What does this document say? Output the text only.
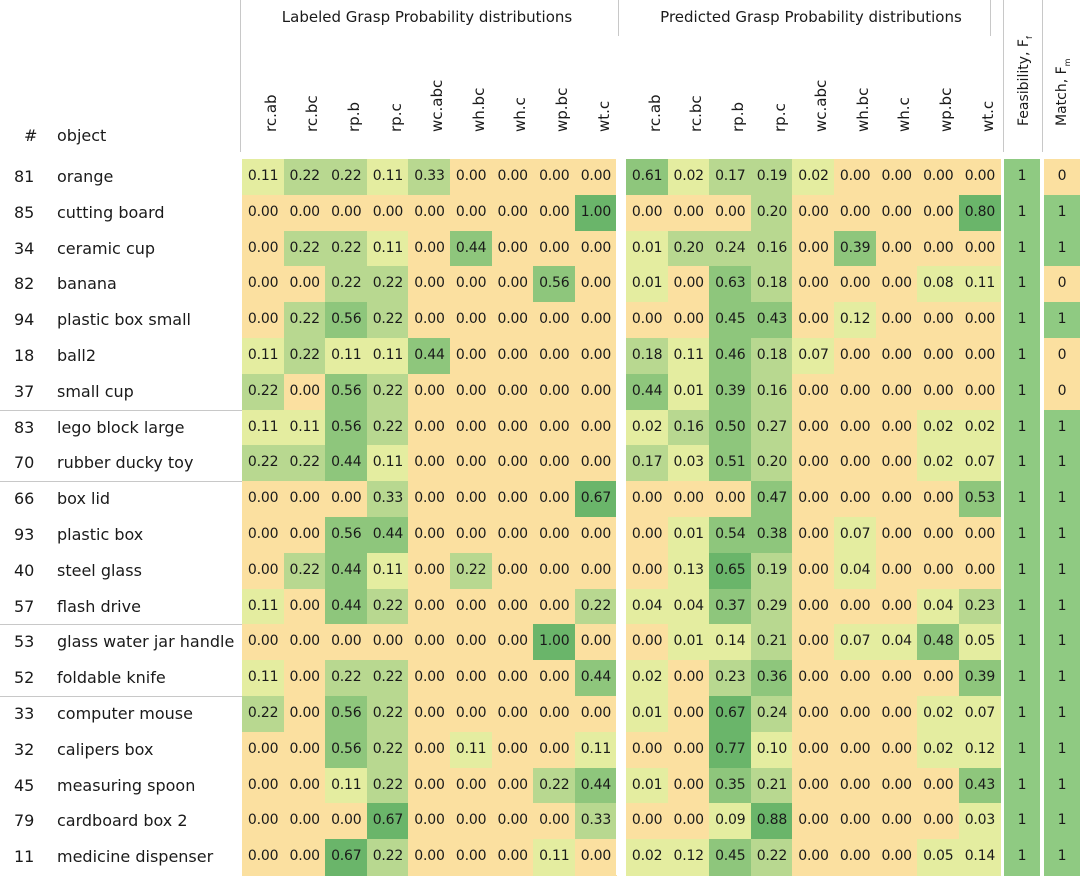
Labeled Grasp Probability distributions	Predicted Grasp Probability distributions
# object
Feasibility, $F_f$
Match, $F_m$
81 orange	0.11 0.22 0.22 0.11 0.33 0.00 0.00 0.00 0.00	0.61 0.02 0.17 0.19 0.02 0.00 0.00 0.00 0.00	1	0
85 cutting board	0.00 0.00 0.00 0.00 0.00 0.00 0.00 0.00 1.00	0.00 0.00 0.00 0.20 0.00 0.00 0.00 0.00 0.80	1	1
34 ceramic cup	0.00 0.22 0.22 0.11 0.00 0.44 0.00 0.00 0.00	0.01 0.20 0.24 0.16 0.00 0.39 0.00 0.00 0.00	1	1
82 banana	0.00 0.00 0.22 0.22 0.00 0.00 0.00 0.56 0.00	0.01 0.00 0.63 0.18 0.00 0.00 0.00 0.08 0.11	1	0
94 plastic box small	0.00 0.22 0.56 0.22 0.00 0.00 0.00 0.00 0.00	0.00 0.00 0.45 0.43 0.00 0.12 0.00 0.00 0.00	1	1
18 ball2	0.11 0.22 0.11 0.11 0.44 0.00 0.00 0.00 0.00	0.18 0.11 0.46 0.18 0.07 0.00 0.00 0.00 0.00	1	0
37 small cup	0.22 0.00 0.56 0.22 0.00 0.00 0.00 0.00 0.00	0.44 0.01 0.39 0.16 0.00 0.00 0.00 0.00 0.00	1	0
83 lego block large	0.11 0.11 0.56 0.22 0.00 0.00 0.00 0.00 0.00	0.02 0.16 0.50 0.27 0.00 0.00 0.00 0.02 0.02	1	1
70 rubber ducky toy	0.22 0.22 0.44 0.11 0.00 0.00 0.00 0.00 0.00	0.17 0.03 0.51 0.20 0.00 0.00 0.00 0.02 0.07	1	1
66 box lid	0.00 0.00 0.00 0.33 0.00 0.00 0.00 0.00 0.67	0.00 0.00 0.00 0.47 0.00 0.00 0.00 0.00 0.53	1	1
93 plastic box	0.00 0.00 0.56 0.44 0.00 0.00 0.00 0.00 0.00	0.00 0.01 0.54 0.38 0.00 0.07 0.00 0.00 0.00	1	1
40 steel glass	0.00 0.22 0.44 0.11 0.00 0.22 0.00 0.00 0.00	0.00 0.13 0.65 0.19 0.00 0.04 0.00 0.00 0.00	1	1
57 flash drive	0.11 0.00 0.44 0.22 0.00 0.00 0.00 0.00 0.22	0.04 0.04 0.37 0.29 0.00 0.00 0.00 0.04 0.23	1	1
53 glass water jar handle 0.00 0.00 0.00 0.00 0.00 0.00 0.00 1.00 0.00	0.00 0.01 0.14 0.21 0.00 0.07 0.04 0.48 0.05	1	1
52 foldable knife	0.11 0.00 0.22 0.22 0.00 0.00 0.00 0.00 0.44	0.02 0.00 0.23 0.36 0.00 0.00 0.00 0.00 0.39	1	1
33 computer mouse	0.22 0.00 0.56 0.22 0.00 0.00 0.00 0.00 0.00	0.01 0.00 0.67 0.24 0.00 0.00 0.00 0.02 0.07	1	1
32 calipers box	0.00 0.00 0.56 0.22 0.00 0.11 0.00 0.00 0.11	0.00 0.00 0.77 0.10 0.00 0.00 0.00 0.02 0.12	1	1
45 measuring spoon	0.00 0.00 0.11 0.22 0.00 0.00 0.00 0.22 0.44	0.01 0.00 0.35 0.21 0.00 0.00 0.00 0.00 0.43	1	1
79 cardboard box 2	0.00 0.00 0.00 0.67 0.00 0.00 0.00 0.00 0.33	0.00 0.00 0.09 0.88 0.00 0.00 0.00 0.00 0.03	1	1
11 medicine dispenser	0.00 0.00 0.67 0.22 0.00 0.00 0.00 0.11 0.00	0.02 0.12 0.45 0.22 0.00 0.00 0.00 0.05 0.14	1	1
rc.ab rc.bc rp.b rp.c wc.abc wh.bc wh.c wp.bc wt.c rc.ab rc.bc rp.b rp.c wc.abc wh.bc wh.c wp.bc wt.c
